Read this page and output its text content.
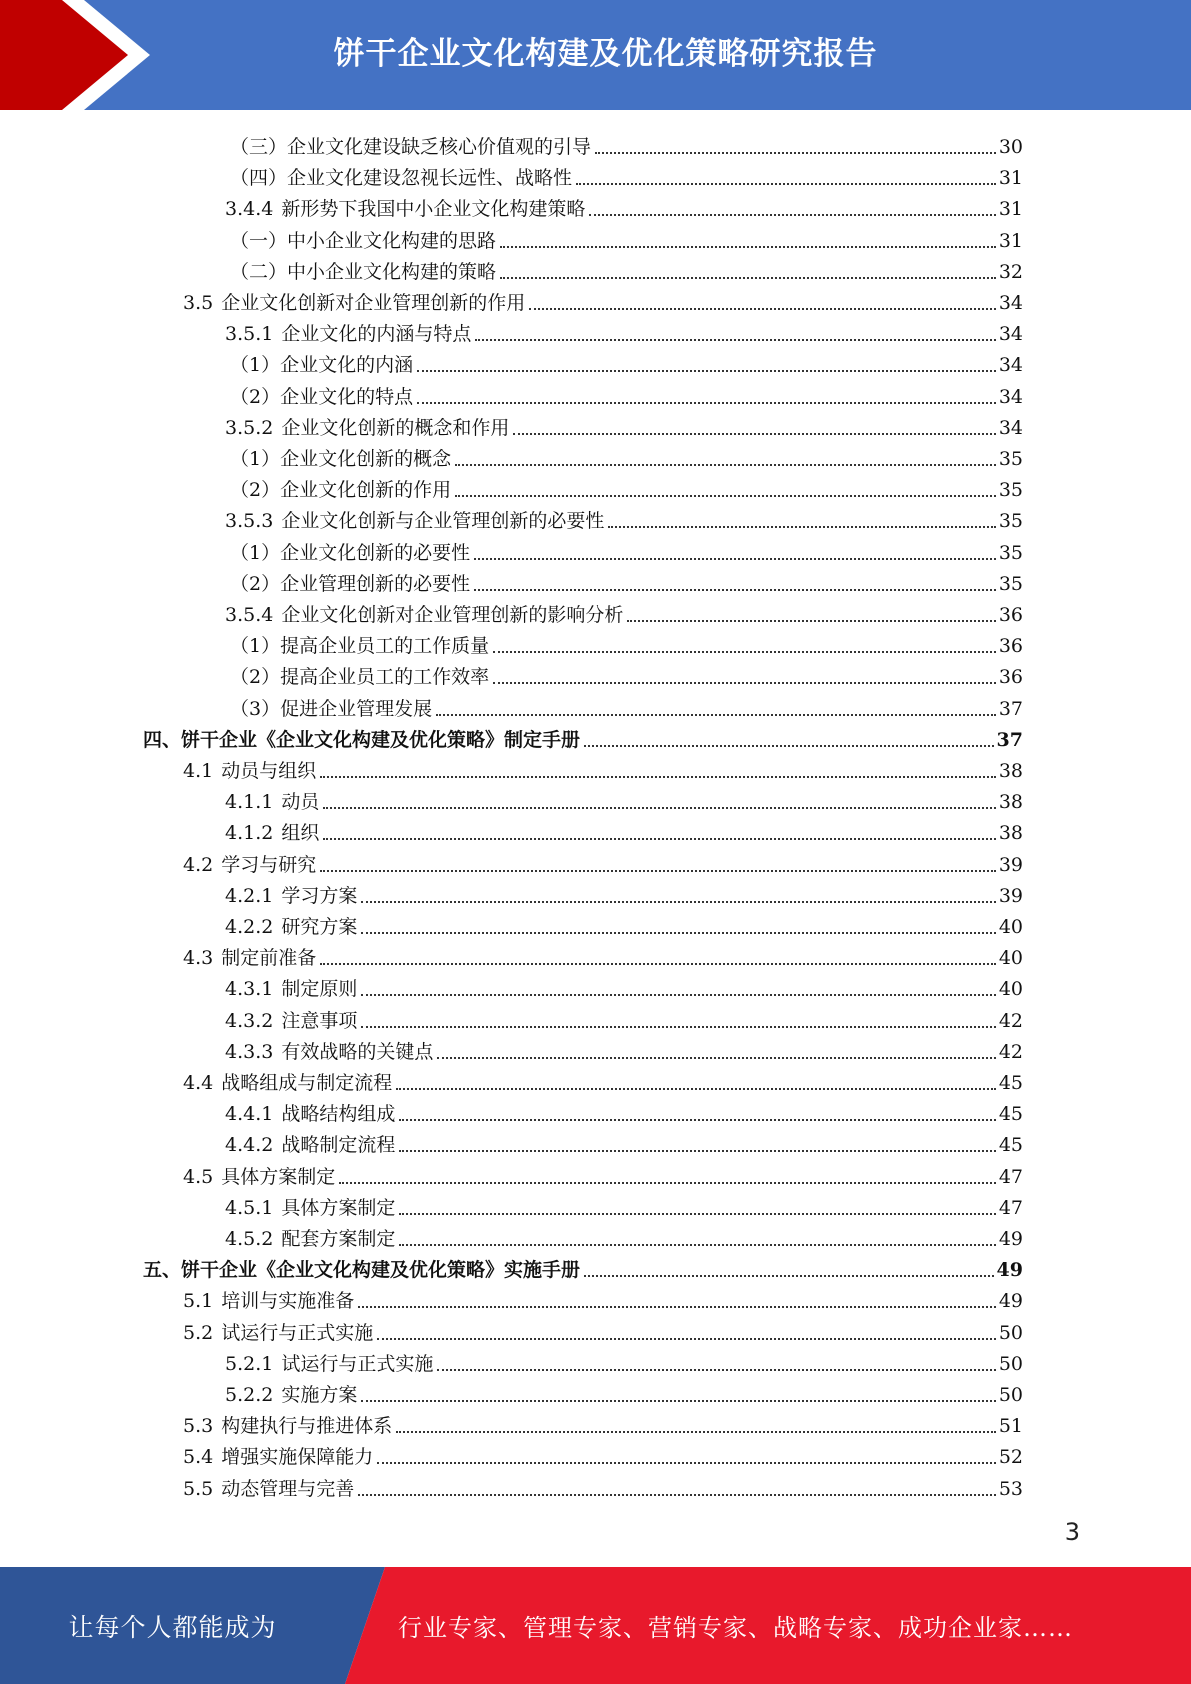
饼干企业文化构建及优化策略研究报告
（三）企业文化建设缺乏核心价值观的引导	30
（四）企业文化建设忽视长远性、战略性	31
3.4.4 新形势下我国中小企业文化构建策略	31
（一）中小企业文化构建的思路	31
（二）中小企业文化构建的策略	32
3.5 企业文化创新对企业管理创新的作用	34
3.5.1 企业文化的内涵与特点	34
（1）企业文化的内涵	34
（2）企业文化的特点	34
3.5.2 企业文化创新的概念和作用	34
（1）企业文化创新的概念	35
（2）企业文化创新的作用	35
3.5.3 企业文化创新与企业管理创新的必要性	35
（1）企业文化创新的必要性	35
（2）企业管理创新的必要性	35
3.5.4 企业文化创新对企业管理创新的影响分析	36
（1）提高企业员工的工作质量	36
（2）提高企业员工的工作效率	36
（3）促进企业管理发展	37
四、饼干企业《企业文化构建及优化策略》制定手册	37
4.1 动员与组织	38
4.1.1 动员	38
4.1.2 组织	38
4.2 学习与研究	39
4.2.1 学习方案	39
4.2.2 研究方案	40
4.3 制定前准备	40
4.3.1 制定原则	40
4.3.2 注意事项	42
4.3.3 有效战略的关键点	42
4.4 战略组成与制定流程	45
4.4.1 战略结构组成	45
4.4.2 战略制定流程	45
4.5 具体方案制定	47
4.5.1 具体方案制定	47
4.5.2 配套方案制定	49
五、饼干企业《企业文化构建及优化策略》实施手册	49
5.1 培训与实施准备	49
5.2 试运行与正式实施	50
5.2.1 试运行与正式实施	50
5.2.2 实施方案	50
5.3 构建执行与推进体系	51
5.4 增强实施保障能力	52
5.5 动态管理与完善	53
3
让每个人都能成为	行业专家、管理专家、营销专家、战略专家、成功企业家……
